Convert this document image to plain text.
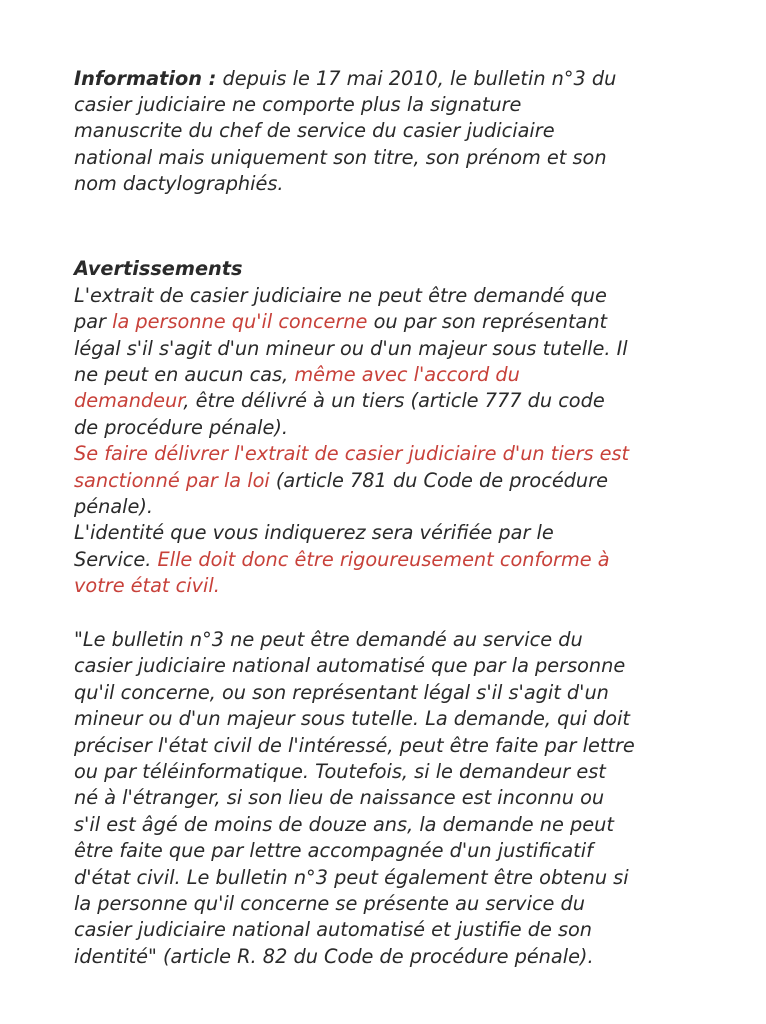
Information : depuis le 17 mai 2010, le bulletin n°3 du

casier judiciaire ne comporte plus la signature

manuscrite du chef de service du casier judiciaire

national mais uniquement son titre, son prénom et son

nom dactylographiés.

Avertissements

L'extrait de casier judiciaire ne peut être demandé que

par la personne qu'il concerne ou par son représentant

légal s'il s'agit d'un mineur ou d'un majeur sous tutelle. Il

ne peut en aucun cas, même avec l'accord du

demandeur, être délivré à un tiers (article 777 du code

de procédure pénale).

Se faire délivrer l'extrait de casier judiciaire d'un tiers est

sanctionné par la loi (article 781 du Code de procédure

pénale).

L'identité que vous indiquerez sera vérifiée par le

Service. Elle doit donc être rigoureusement conforme à

votre état civil.

"Le bulletin n°3 ne peut être demandé au service du

casier judiciaire national automatisé que par la personne

qu'il concerne, ou son représentant légal s'il s'agit d'un

mineur ou d'un majeur sous tutelle. La demande, qui doit

préciser l'état civil de l'intéressé, peut être faite par lettre

ou par téléinformatique. Toutefois, si le demandeur est

né à l'étranger, si son lieu de naissance est inconnu ou

s'il est âgé de moins de douze ans, la demande ne peut

être faite que par lettre accompagnée d'un justificatif

d'état civil. Le bulletin n°3 peut également être obtenu si

la personne qu'il concerne se présente au service du

casier judiciaire national automatisé et justifie de son

identité" (article R. 82 du Code de procédure pénale).
